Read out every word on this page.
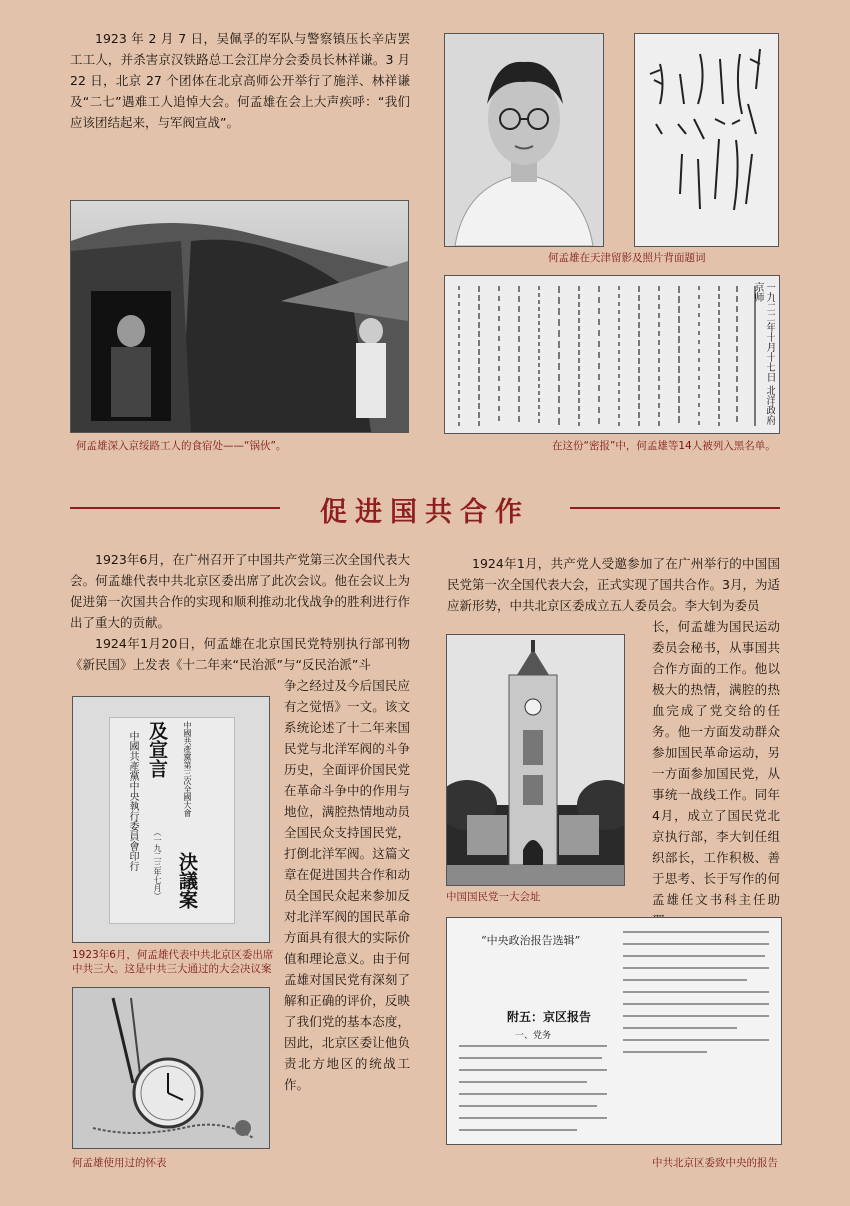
1923 年 2 月 7 日，吴佩孚的军队与警察镇压长辛店罢工工人，并杀害京汉铁路总工会江岸分会委员长林祥谦。3 月 22 日，北京 27 个团体在北京高师公开举行了施洋、林祥谦及“二七”遇难工人追悼大会。何孟雄在会上大声疾呼：“我们应该团结起来，与军阀宣战”。

何孟雄深入京绥路工人的食宿处——“锅伙”。
何孟雄在天津留影及照片背面题词
一九二二年十月十七日 北洋政府京师
在这份“密报”中，何孟雄等14人被列入黑名单。
促进国共合作

1923年6月，在广州召开了中国共产党第三次全国代表大会。何孟雄代表中共北京区委出席了此次会议。他在会议上为促进第一次国共合作的实现和顺利推动北伐战争的胜利进行作出了重大的贡献。

1924年1月20日，何孟雄在北京国民党特别执行部刊物《新民国》上发表《十二年来“民治派”与“反民治派”斗

争之经过及今后国民应有之觉悟》一文。该文系统论述了十二年来国民党与北洋军阀的斗争历史，全面评价国民党在革命斗争中的作用与地位，满腔热情地动员全国民众支持国民党，打倒北洋军阀。这篇文章在促进国共合作和动员全国民众起来参加反对北洋军阀的国民革命方面具有很大的实际价值和理论意义。由于何孟雄对国民党有深刻了解和正确的评价，反映了我们党的基本态度，因此，北京区委让他负责北方地区的统战工作。
中國共產黨第三次全國大會 決議案及宣言 （一九二三年七月） 中國共產黨中央執行委員會印行
1923年6月，何孟雄代表中共北京区委出席
中共三大。这是中共三大通过的大会决议案
何孟雄使用过的怀表

1924年1月，共产党人受邀参加了在广州举行的中国国民党第一次全国代表大会，正式实现了国共合作。3月，为适应新形势，中共北京区委成立五人委员会。李大钊为委员

长，何孟雄为国民运动委员会秘书，从事国共合作方面的工作。他以极大的热情，满腔的热血完成了党交给的任务。他一方面发动群众参加国民革命运动，另一方面参加国民党，从事统一战线工作。同年4月，成立了国民党北京执行部，李大钊任组织部长，工作积极、善于思考、长于写作的何孟雄任文书科主任助
中国国民党一大会址
“中央政治报告选辑”
附五：京区报告
一、党务
中共北京区委致中央的报告
